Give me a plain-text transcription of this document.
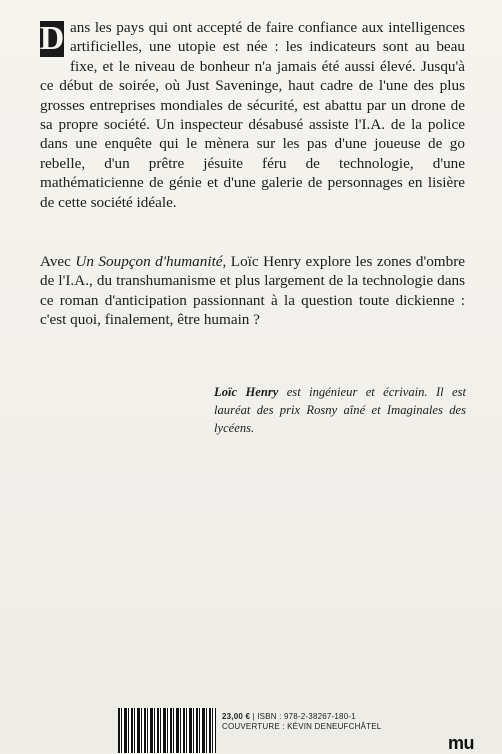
D ans les pays qui ont accepté de faire confiance aux intelligences artificielles, une utopie est née : les indicateurs sont au beau fixe, et le niveau de bonheur n'a jamais été aussi élevé. Jusqu'à ce début de soirée, où Just Saveninge, haut cadre de l'une des plus grosses entreprises mondiales de sécurité, est abattu par un drone de sa propre société. Un inspecteur désabusé assiste l'I.A. de la police dans une enquête qui le mènera sur les pas d'une joueuse de go rebelle, d'un prêtre jésuite féru de technologie, d'une mathématicienne de génie et d'une galerie de personnages en lisière de cette société idéale.

Avec Un Soupçon d'humanité, Loïc Henry explore les zones d'ombre de l'I.A., du transhumanisme et plus largement de la technologie dans ce roman d'anticipation passionnant à la question toute dickienne : c'est quoi, finalement, être humain ?

Loïc Henry est ingénieur et écrivain. Il est lauréat des prix Rosny aîné et Imaginales des lycéens.

23,00 € | ISBN : 978-2-38267-180-1
COUVERTURE : KÉVIN DENEUFCHÂTEL
mu
